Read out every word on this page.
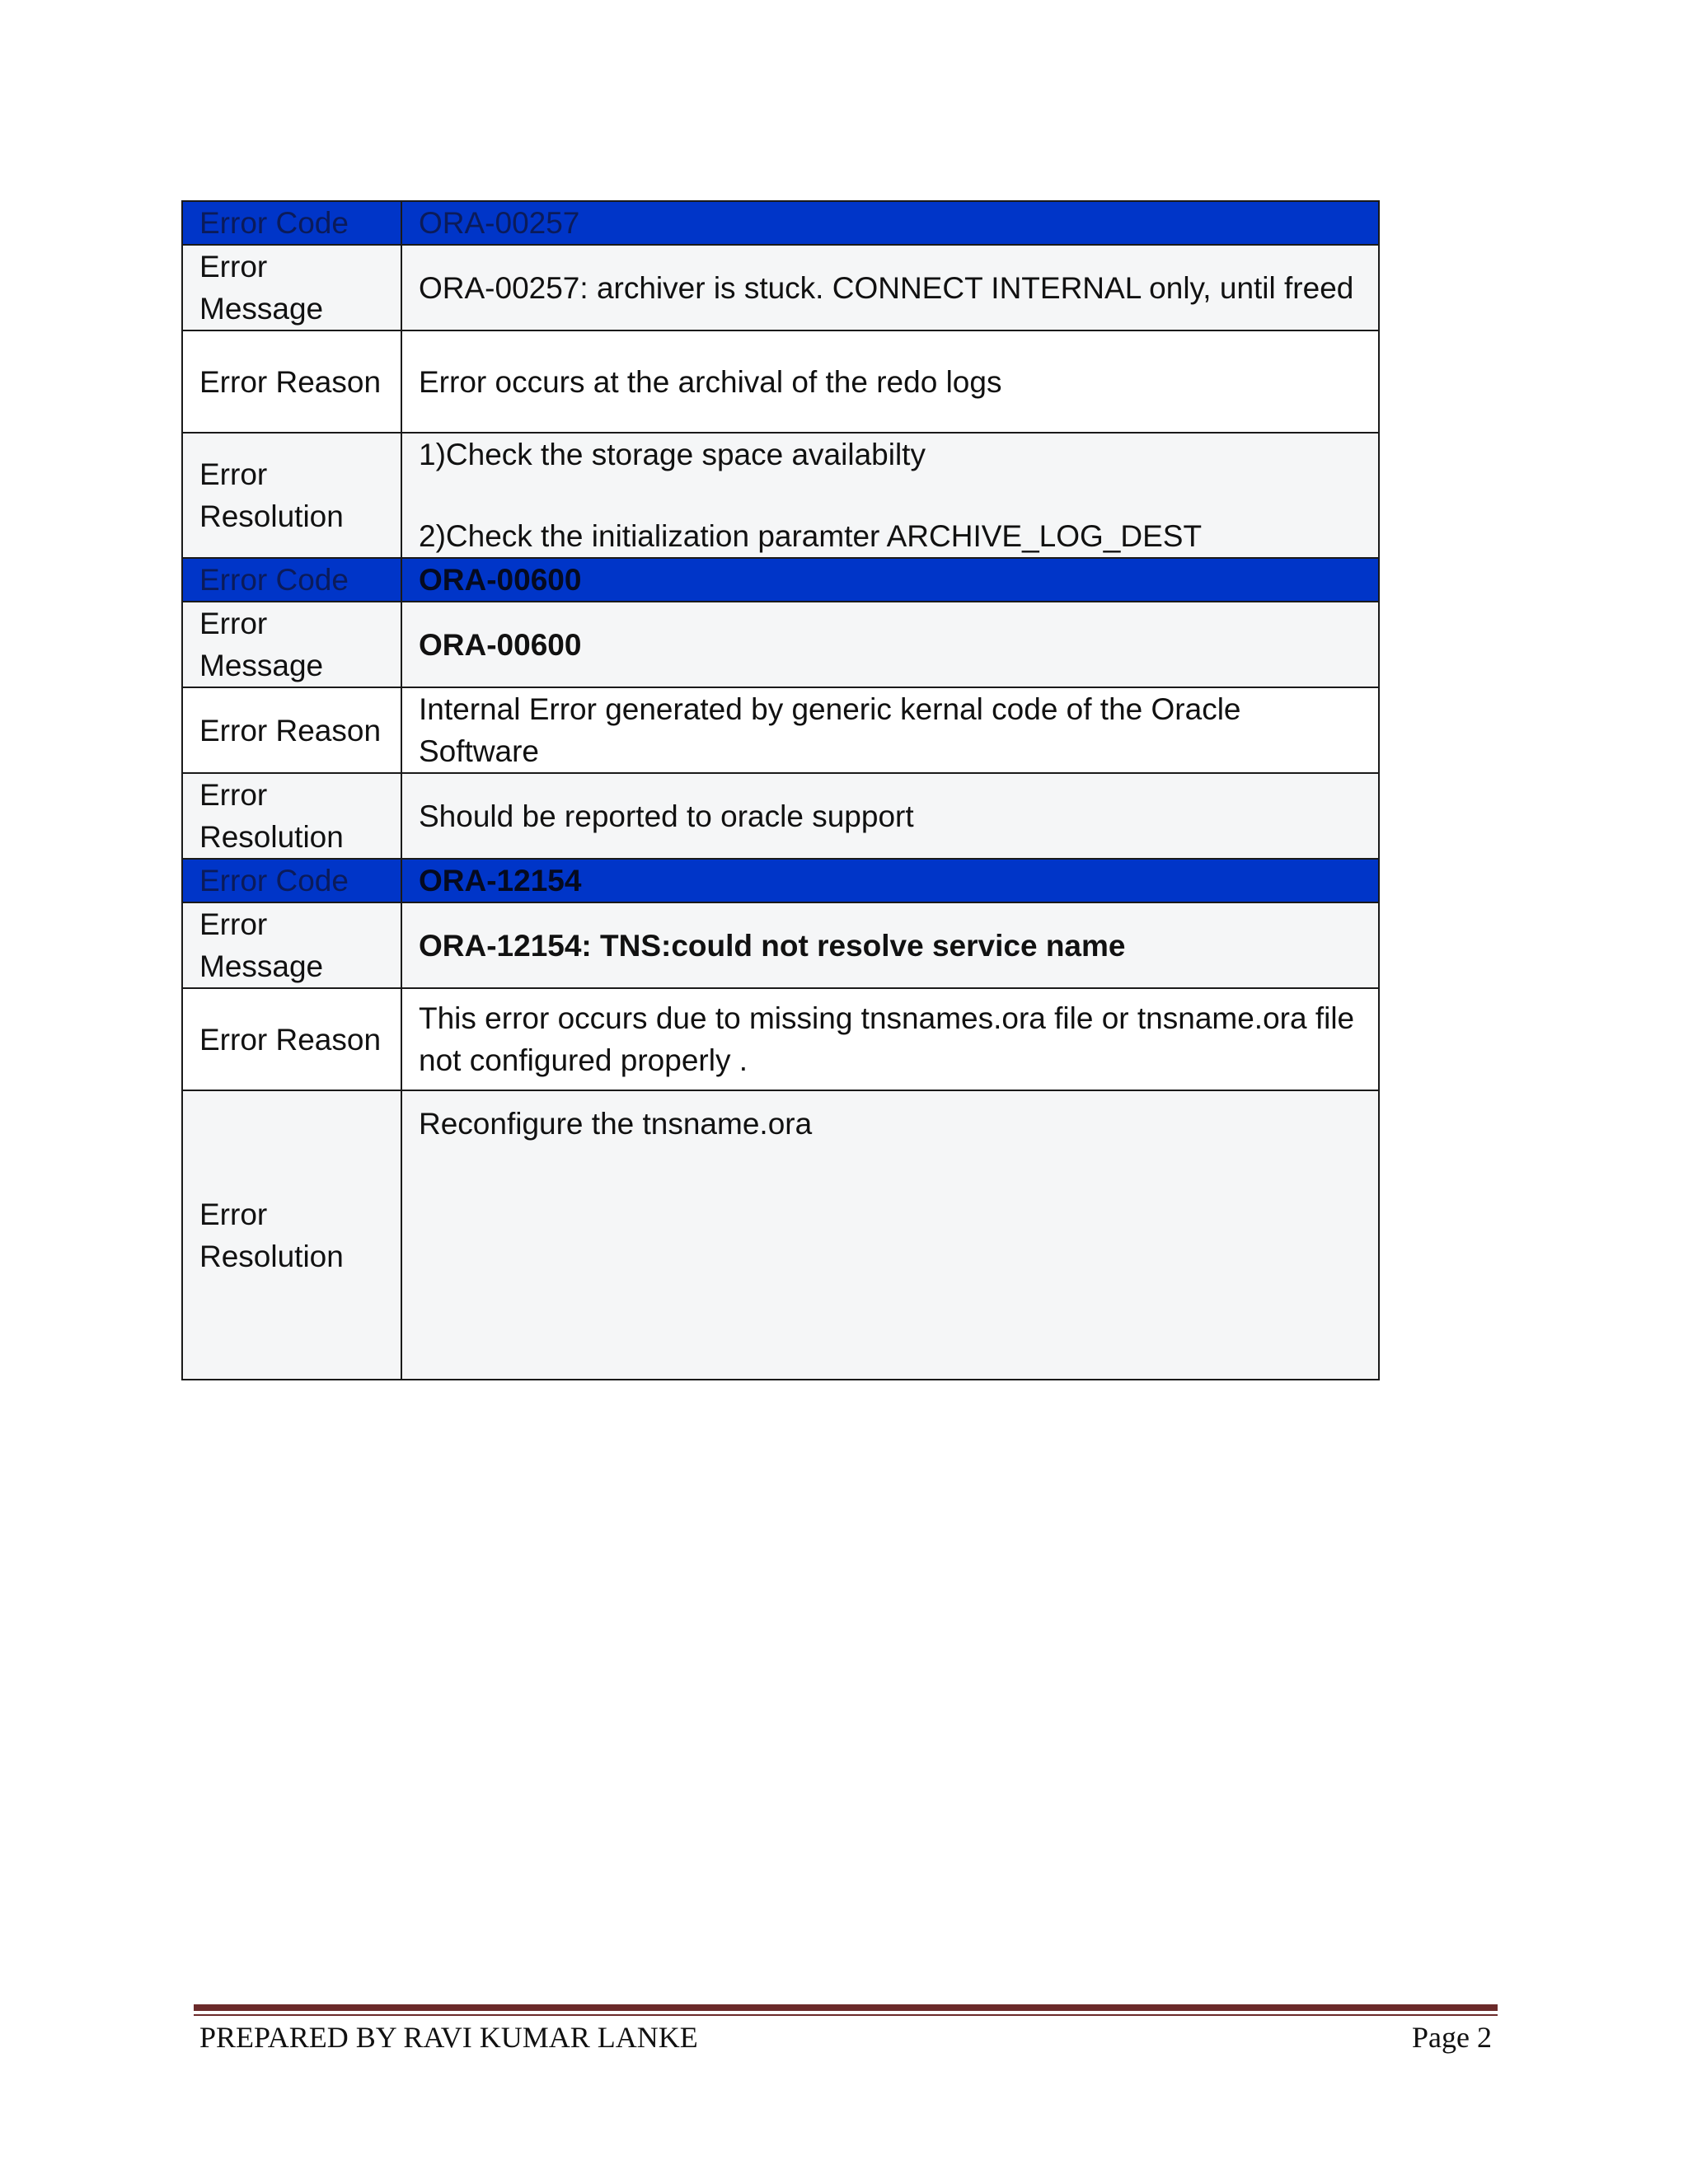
Error Code	ORA-00257
Error Message	ORA-00257: archiver is stuck. CONNECT INTERNAL only, until freed
Error Reason	Error occurs at the archival of the redo logs
Error Resolution	1)Check the storage space availabilty
2)Check the initialization paramter ARCHIVE_LOG_DEST

Error Code	ORA-00600
Error Message	ORA-00600
Error Reason	Internal Error generated by generic kernal code of the Oracle Software
Error Resolution	Should be reported to oracle support
Error Code	ORA-12154
Error Message	ORA-12154: TNS:could not resolve service name
Error Reason	This error occurs due to missing tnsnames.ora file or tnsname.ora file not configured properly .
Error Resolution	Reconfigure the tnsname.ora
PREPARED BY RAVI KUMAR LANKE	Page 2
